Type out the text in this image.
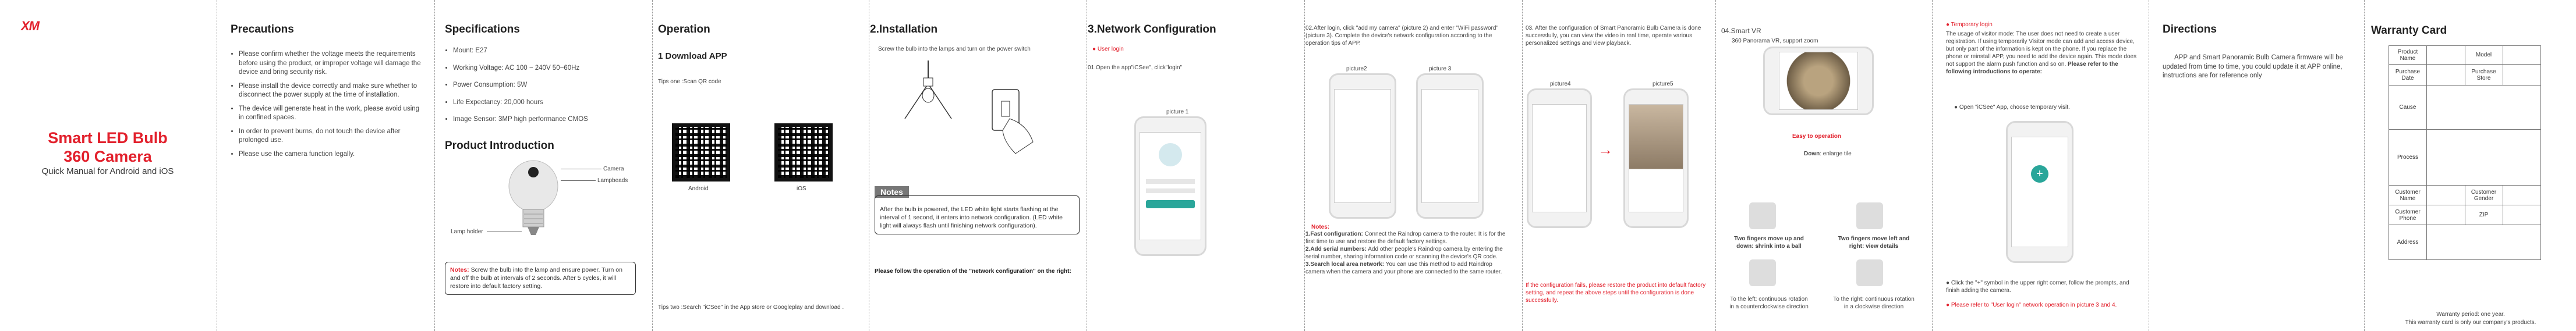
XM
Smart LED Bulb
360 Camera
Quick Manual for Android and iOS
Precautions
• Please confirm whether the voltage meets the requirements before using the product, or improper voltage will damage the device and bring security risk.
• Please install the device correctly and make sure whether to disconnect the power supply at the time of installation.
• The device will generate heat in the work, please avoid using in confined spaces.
• In order to prevent burns, do not touch the device after prolonged use.
• Please use the camera function legally.
Specifications
• Mount: E27
• Working Voltage: AC 100 ~ 240V 50~60Hz
• Power Consumption: 5W
• Life Expectancy: 20,000 hours
• Image Sensor: 3MP high performance CMOS
Product Introduction
Camera
Lampbeads
Lamp holder
Notes: Screw the bulb into the lamp and ensure power. Turn on and off the bulb at intervals of 2 seconds. After 5 cycles, it will restore into default factory setting.
Operation
1 Download APP
Tips one :Scan QR code
Android	iOS
Tips two :Search "iCSee" in the App store or Googleplay and download .
2.Installation
Screw the bulb into the lamps and turn on the power switch
Notes
After the bulb is powered, the LED white light starts flashing at the interval of 1 second, it enters into network configuration. (LED white light will always flash until finishing network configuration).
Please follow the operation of the "network configuration" on the right:
3.Network Configuration
● User login
01.Open the app"iCSee", click"login"
picture 1
02.After login, click "add my camera" (picture 2) and enter "WiFi password"(picture 3). Complete the device's network configuration according to the operation tips of APP.
picture2	picture 3
Notes:
1.Fast configuration: Connect the Raindrop camera to the router. It is for the first time to use and restore the default factory settings.
2.Add serial numbers: Add other people's Raindrop camera by entering the serial number, sharing information code or scanning the device's QR code.
3.Search local area network: You can use this method to add Raindrop camera when the camera and your phone are connected to the same router.
03. After the configuration of Smart Panoramic Bulb Camera is done successfully, you can view the video in real time, operate various personalized settings and view playback.
picture4	picture5
→
If the configuration fails, please restore the product into default factory setting, and repeat the above steps until the configuration is done successfully.
04.Smart VR
360 Panorama VR, support zoom
Easy to operation
Down: enlarge tile
Two fingers move up and down: shrink into a ball
Two fingers move left and right: view details
To the left: continuous rotation in a counterclockwise direction
To the right: continuous rotation in a clockwise direction
● Temporary login
The usage of visitor mode: The user does not need to create a user registration. If using temporarily Visitor mode can add and access device, but only part of the information is kept on the phone. If you replace the phone or reinstall APP, you need to add the device again. This mode does not support the alarm push function and so on. Please refer to the following introductions to operate:
● Open "iCSee" App, choose temporary visit.
+
● Click the "+" symbol in the upper right corner, follow the prompts, and finish adding the camera.
● Please refer to "User login" network operation in picture 3 and 4.
Directions
APP and Smart Panoramic Bulb Camera firmware will be updated from time to time, you could update it at APP online, instructions are for reference only
Warranty Card
Product Name		Model	
Purchase Date		Purchase Store	
Cause			
Process			
Customer Name		Customer Gender	
Customer Phone		ZIP	
Address			
Warranty period: one year.
This warranty card is only our company's products.
